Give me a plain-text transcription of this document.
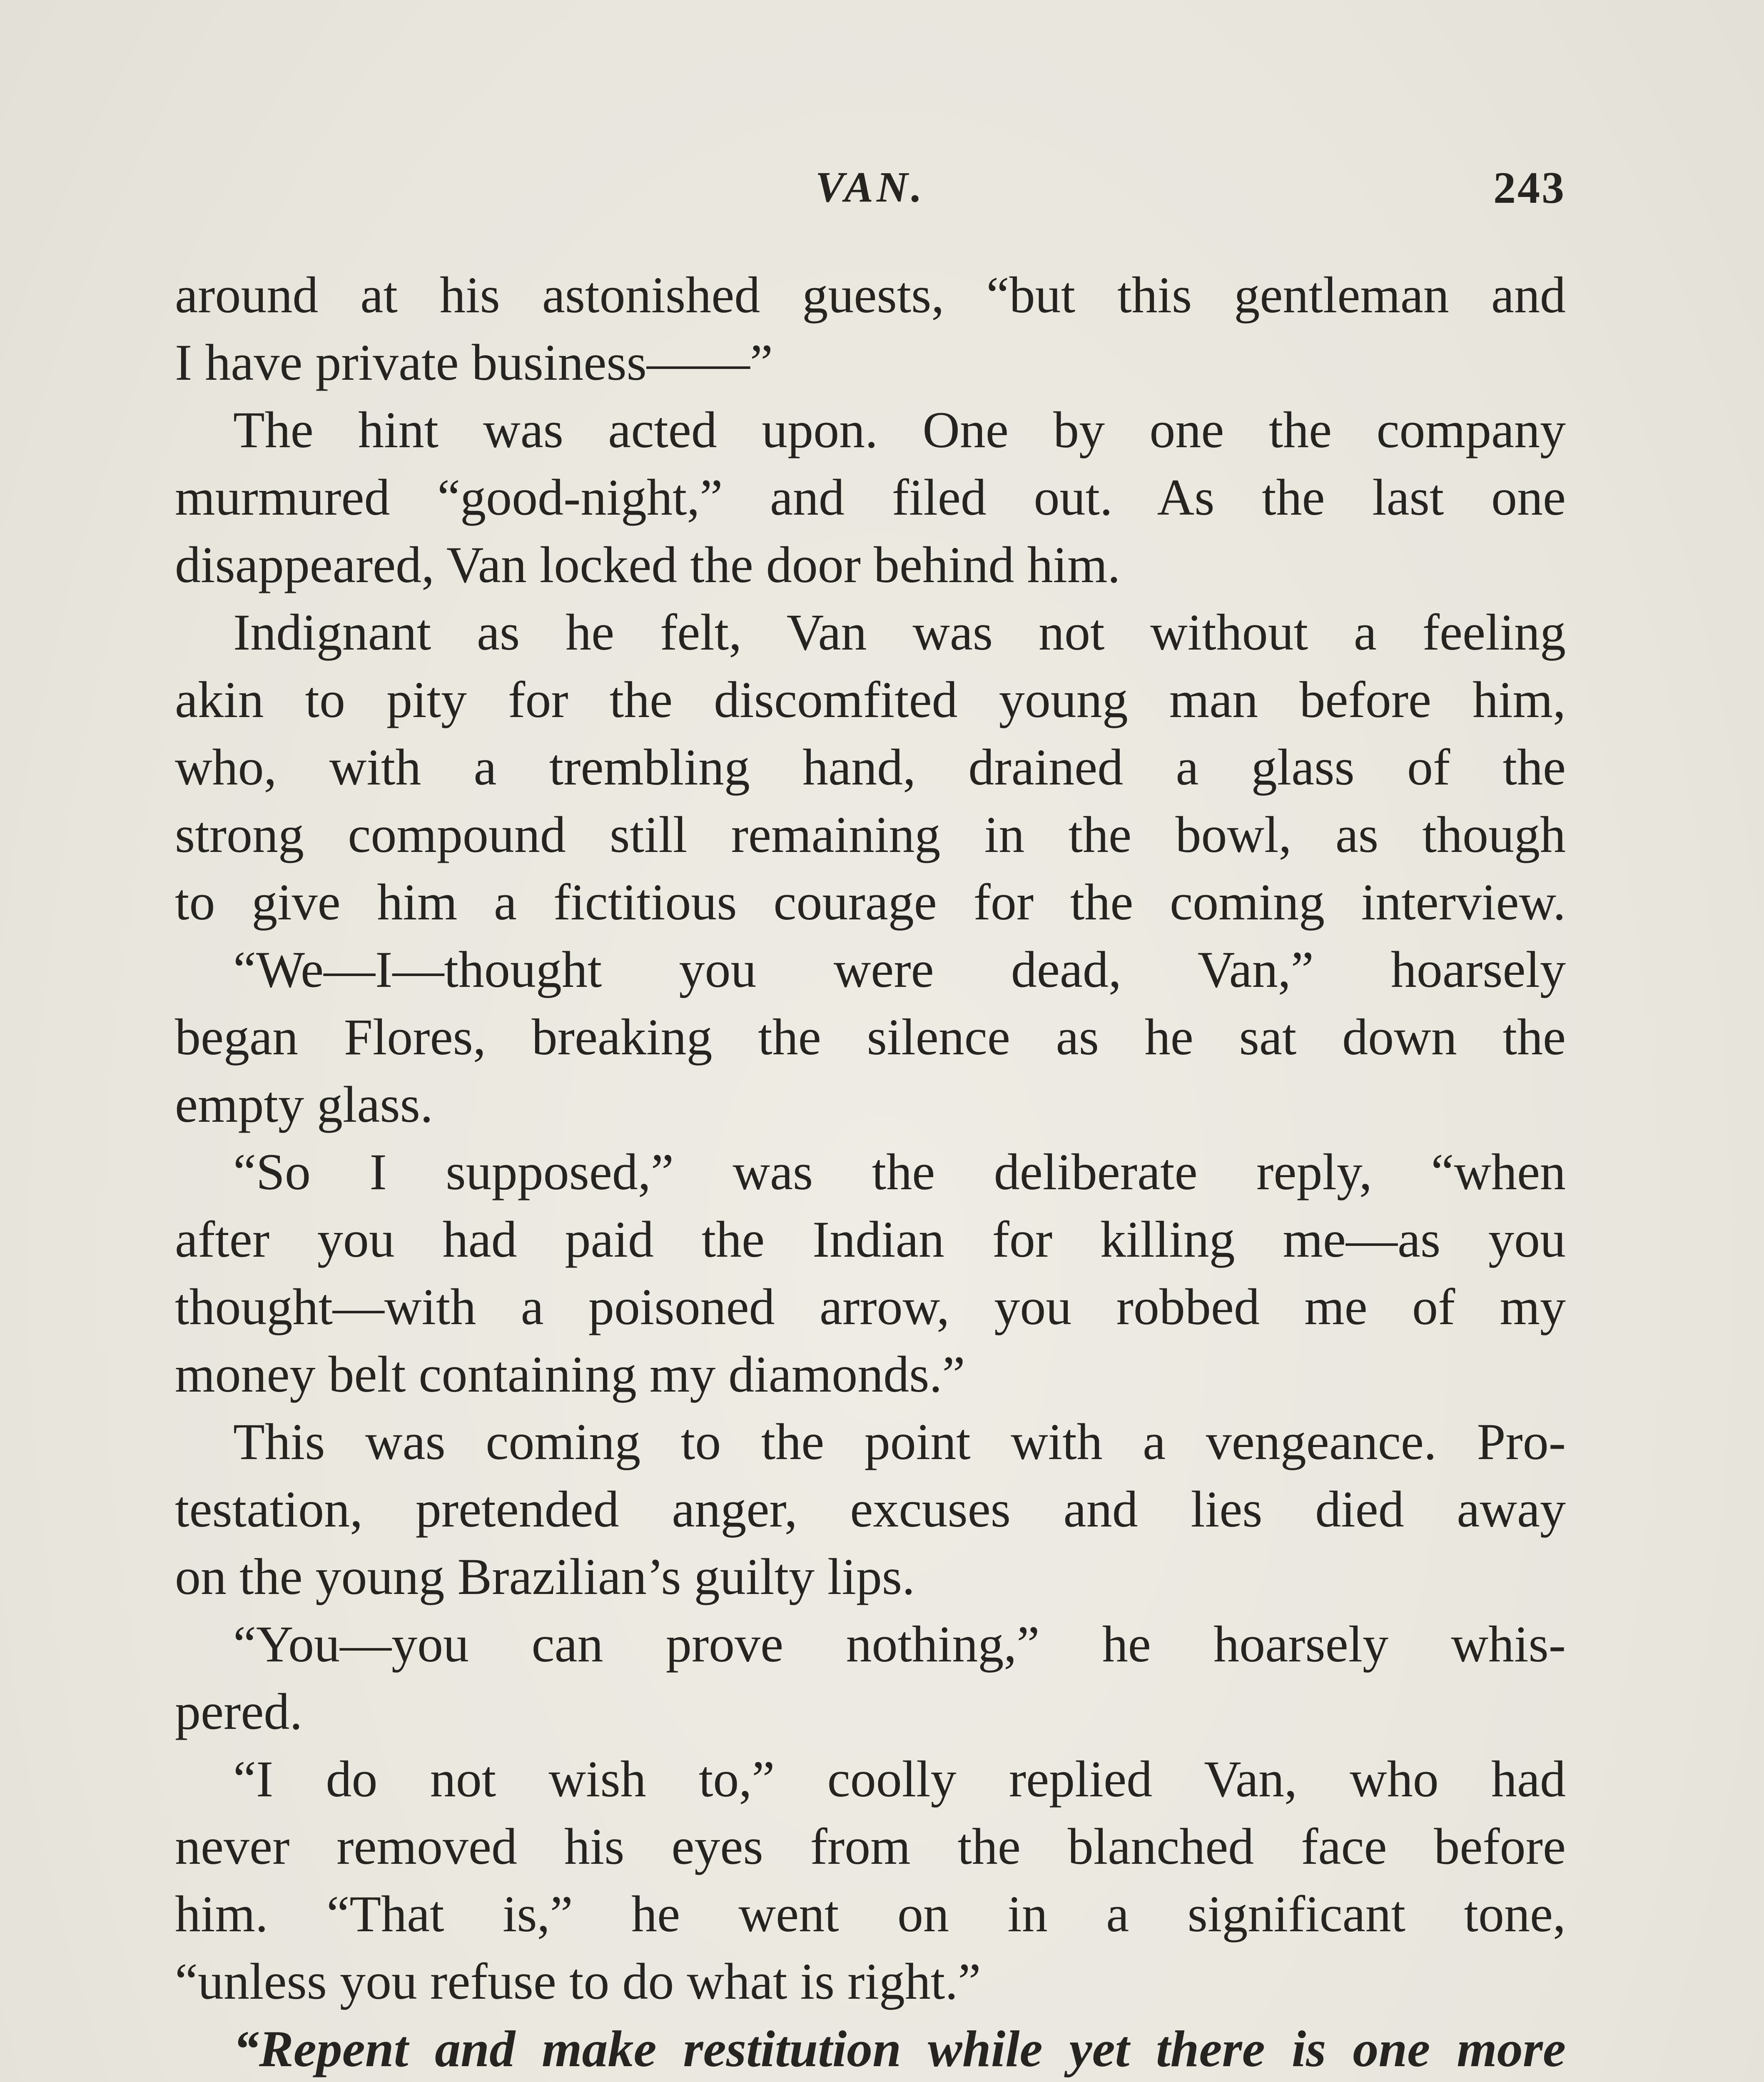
VAN.	243
around at his astonished guests, “but this gentleman and
I have private business——”
The hint was acted upon. One by one the company
murmured “good-night,” and filed out. As the last one
disappeared, Van locked the door behind him.
Indignant as he felt, Van was not without a feeling
akin to pity for the discomfited young man before him,
who, with a trembling hand, drained a glass of the
strong compound still remaining in the bowl, as though
to give him a fictitious courage for the coming interview.
“We—I—thought you were dead, Van,” hoarsely
began Flores, breaking the silence as he sat down the
empty glass.
“So I supposed,” was the deliberate reply, “when
after you had paid the Indian for killing me—as you
thought—with a poisoned arrow, you robbed me of my
money belt containing my diamonds.”
This was coming to the point with a vengeance. Pro-
testation, pretended anger, excuses and lies died away
on the young Brazilian’s guilty lips.
“You—you can prove nothing,” he hoarsely whis-
pered.
“I do not wish to,” coolly replied Van, who had
never removed his eyes from the blanched face before
him. “That is,” he went on in a significant tone,
“unless you refuse to do what is right.”
“Repent and make restitution while yet there is one more
